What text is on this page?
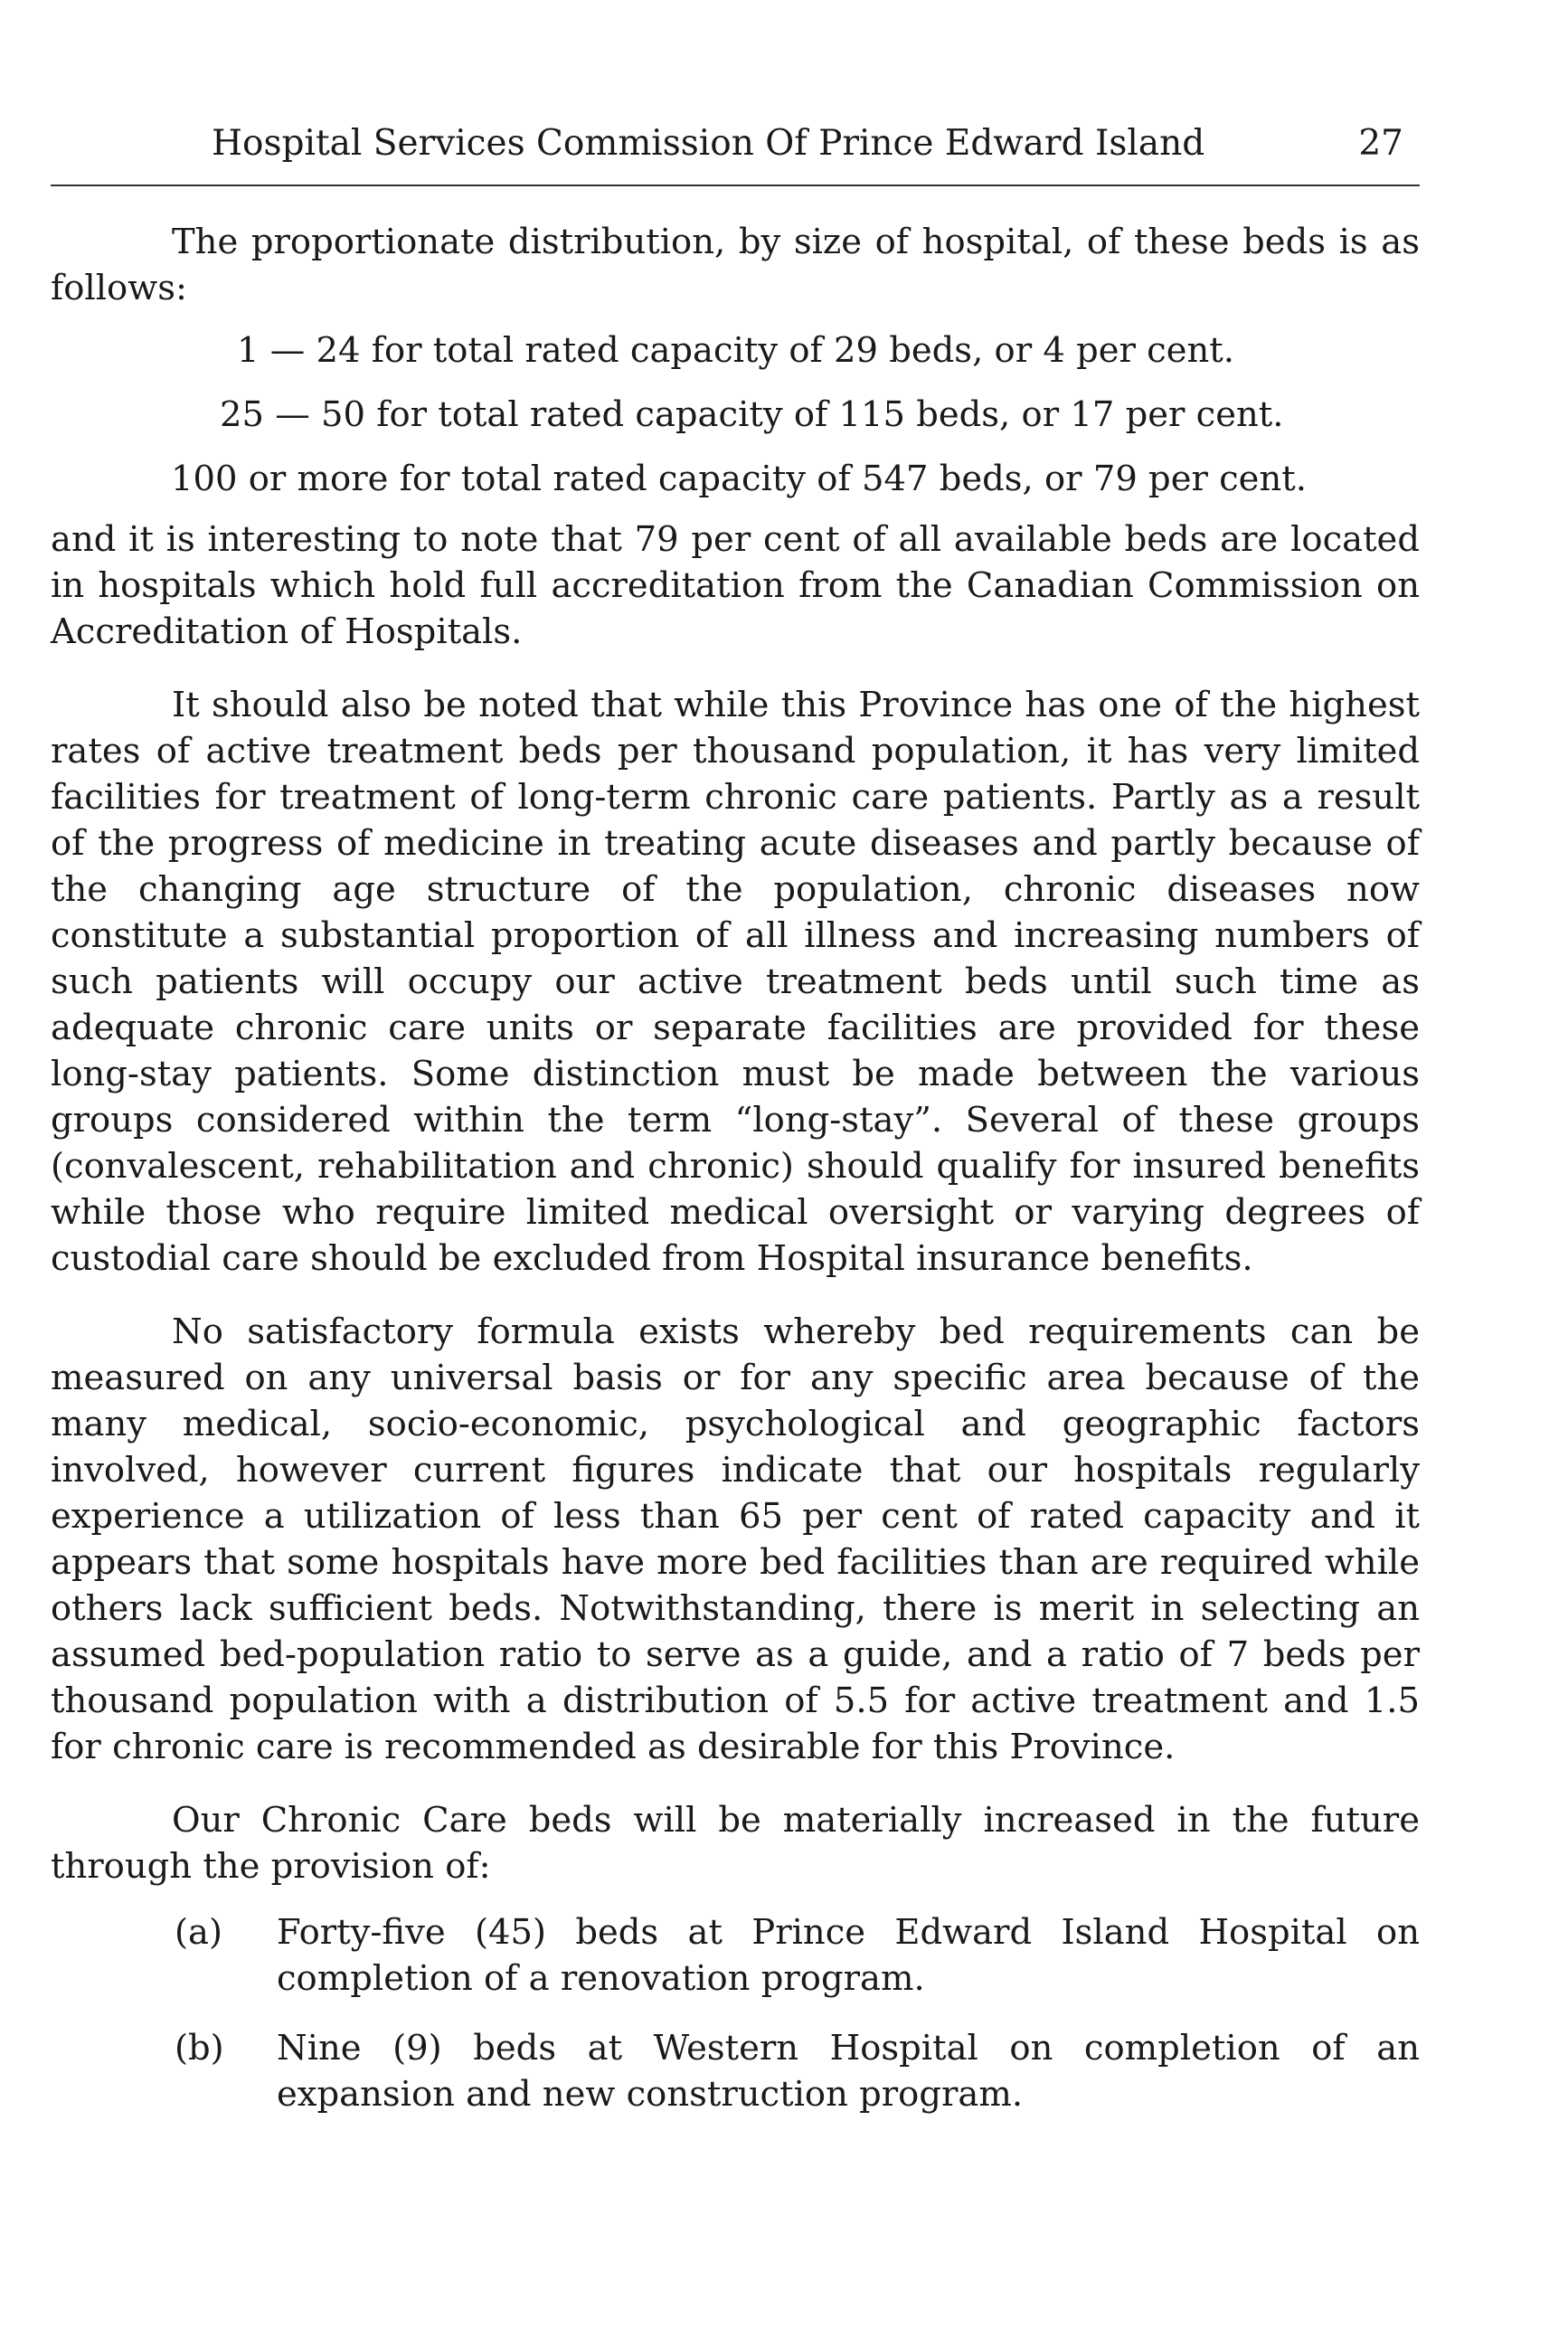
Hospital Services Commission Of Prince Edward Island	27

The proportionate distribution, by size of hospital, of these beds is as follows:

1 — 24 for total rated capacity of 29 beds, or 4 per cent.
25 — 50 for total rated capacity of 115 beds, or 17 per cent.
100 or more for total rated capacity of 547 beds, or 79 per cent.

and it is interesting to note that 79 per cent of all available beds are located in hospitals which hold full accreditation from the Canadian Commission on Accreditation of Hospitals.

It should also be noted that while this Province has one of the highest rates of active treatment beds per thousand population, it has very limited facilities for treatment of long-term chronic care patients. Partly as a result of the progress of medicine in treating acute diseases and partly because of the changing age structure of the population, chronic diseases now constitute a substantial proportion of all illness and increasing numbers of such patients will occupy our active treatment beds until such time as adequate chronic care units or separate facilities are provided for these long-stay patients. Some distinction must be made between the various groups considered within the term “long-stay”. Several of these groups (convalescent, rehabilitation and chronic) should qualify for insured benefits while those who require limited medical oversight or varying degrees of custodial care should be excluded from Hospital insurance benefits.

No satisfactory formula exists whereby bed requirements can be measured on any universal basis or for any specific area because of the many medical, socio-economic, psychological and geographic factors involved, however current figures indicate that our hospitals regularly experience a utilization of less than 65 per cent of rated capacity and it appears that some hospitals have more bed facilities than are required while others lack sufficient beds. Notwithstanding, there is merit in selecting an assumed bed-population ratio to serve as a guide, and a ratio of 7 beds per thousand population with a distribution of 5.5 for active treatment and 1.5 for chronic care is recommended as desirable for this Province.

Our Chronic Care beds will be materially increased in the future through the provision of:

(a) Forty-five (45) beds at Prince Edward Island Hospital on completion of a renovation program.
(b) Nine (9) beds at Western Hospital on completion of an expansion and new construction program.
